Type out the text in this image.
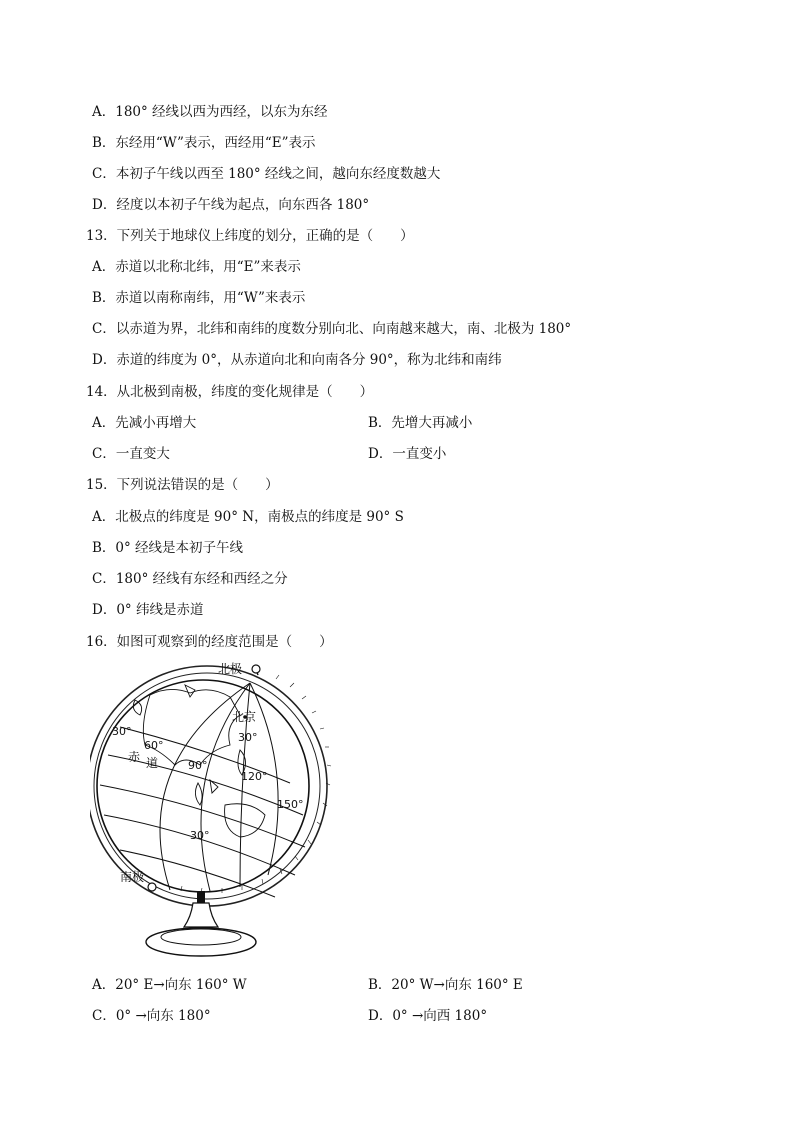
A．180° 经线以西为西经，以东为东经
B．东经用“W”表示，西经用“E”表示
C．本初子午线以西至 180° 经线之间，越向东经度数越大
D．经度以本初子午线为起点，向东西各 180°
13．下列关于地球仪上纬度的划分，正确的是（　　）
A．赤道以北称北纬，用“E”来表示
B．赤道以南称南纬，用“W”来表示
C．以赤道为界，北纬和南纬的度数分别向北、向南越来越大，南、北极为 180°
D．赤道的纬度为 0°，从赤道向北和向南各分 90°，称为北纬和南纬
14．从北极到南极，纬度的变化规律是（　　）
A．先减小再增大	B．先增大再减小
C．一直变大	D．一直变小
15．下列说法错误的是（　　）
A．北极点的纬度是 90° N，南极点的纬度是 90° S
B．0° 经线是本初子午线
C．180° 经线有东经和西经之分
D．0° 纬线是赤道
16．如图可观察到的经度范围是（　　）
北极
北京
30°
60°
赤 道	90°
30°
120°
150°
30°
南极
A．20° E→向东 160° W	B．20° W→向东 160° E
C．0° →向东 180°	D．0° →向西 180°
